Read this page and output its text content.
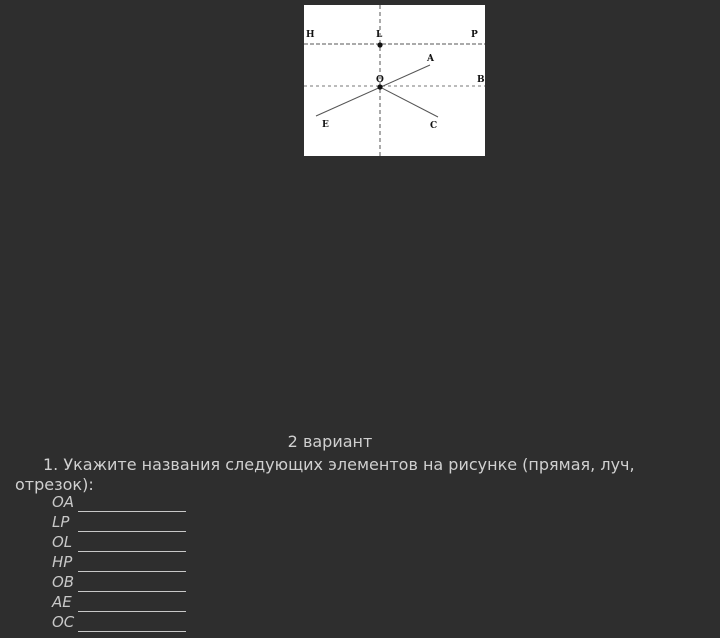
H	L	P
A
O	B
E	C
2 вариант
1. Укажите названия следующих элементов на рисунке (прямая, луч,
отрезок):
OA
LP
OL
HP
OB
AE
OC
